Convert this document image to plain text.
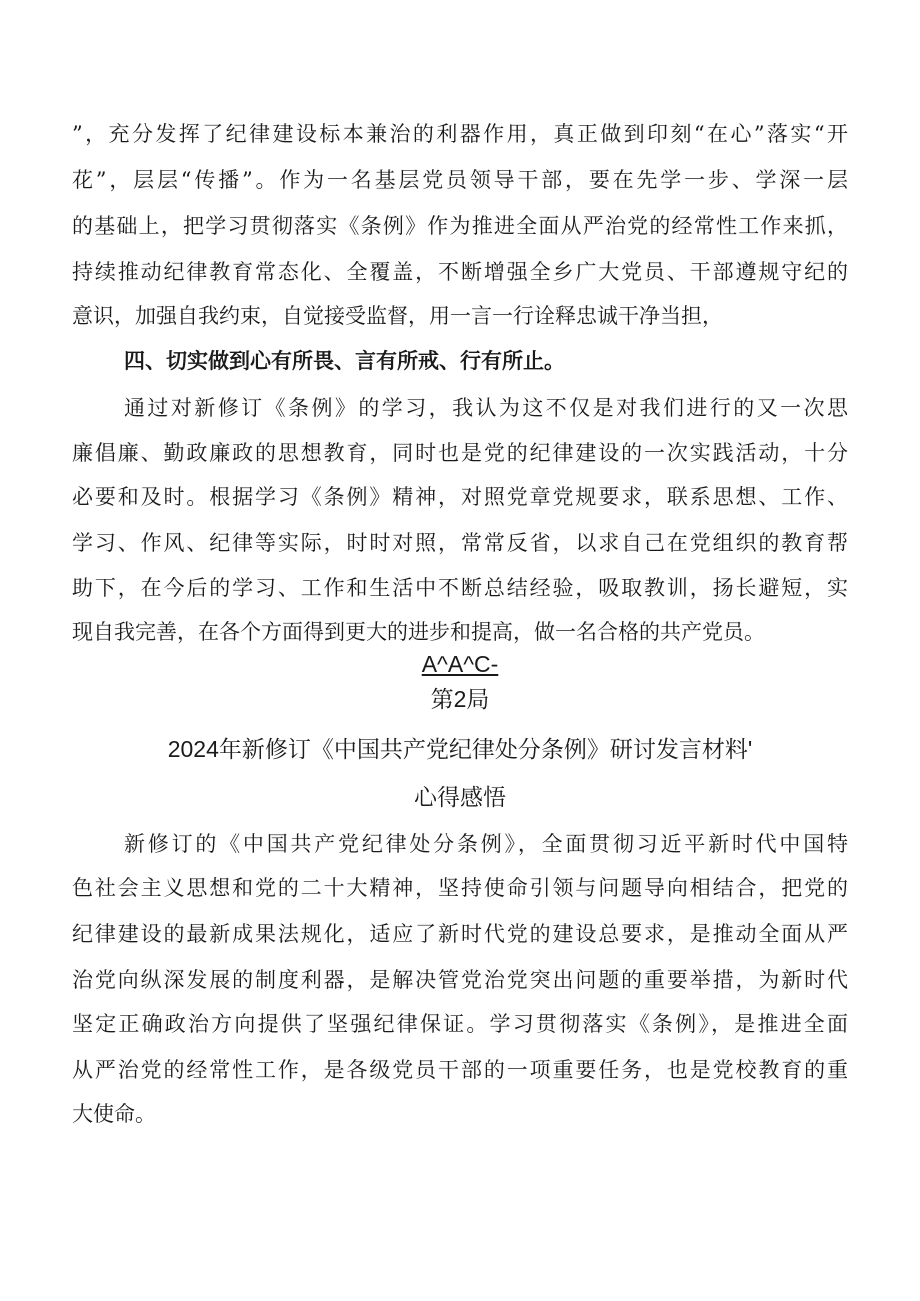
”，充分发挥了纪律建设标本兼治的利器作用，真正做到印刻“在心”落实“开
花”，层层“传播”。作为一名基层党员领导干部，要在先学一步、学深一层
的基础上，把学习贯彻落实《条例》作为推进全面从严治党的经常性工作来抓，
持续推动纪律教育常态化、全覆盖，不断增强全乡广大党员、干部遵规守纪的
意识，加强自我约束，自觉接受监督，用一言一行诠释忠诚干净当担，
四、切实做到心有所畏、言有所戒、行有所止。
通过对新修订《条例》的学习，我认为这不仅是对我们进行的又一次思
廉倡廉、勤政廉政的思想教育，同时也是党的纪律建设的一次实践活动，十分
必要和及时。根据学习《条例》精神，对照党章党规要求，联系思想、工作、
学习、作风、纪律等实际，时时对照，常常反省，以求自己在党组织的教育帮
助下，在今后的学习、工作和生活中不断总结经验，吸取教训，扬长避短，实
现自我完善，在各个方面得到更大的进步和提高，做一名合格的共产党员。
A^A^C-
第2局
2024年新修订《中国共产党纪律处分条例》研讨发言材料'
心得感悟
新修订的《中国共产党纪律处分条例》，全面贯彻习近平新时代中国特
色社会主义思想和党的二十大精神，坚持使命引领与问题导向相结合，把党的
纪律建设的最新成果法规化，适应了新时代党的建设总要求，是推动全面从严
治党向纵深发展的制度利器，是解决管党治党突出问题的重要举措，为新时代
坚定正确政治方向提供了坚强纪律保证。学习贯彻落实《条例》，是推进全面
从严治党的经常性工作，是各级党员干部的一项重要任务，也是党校教育的重
大使命。
